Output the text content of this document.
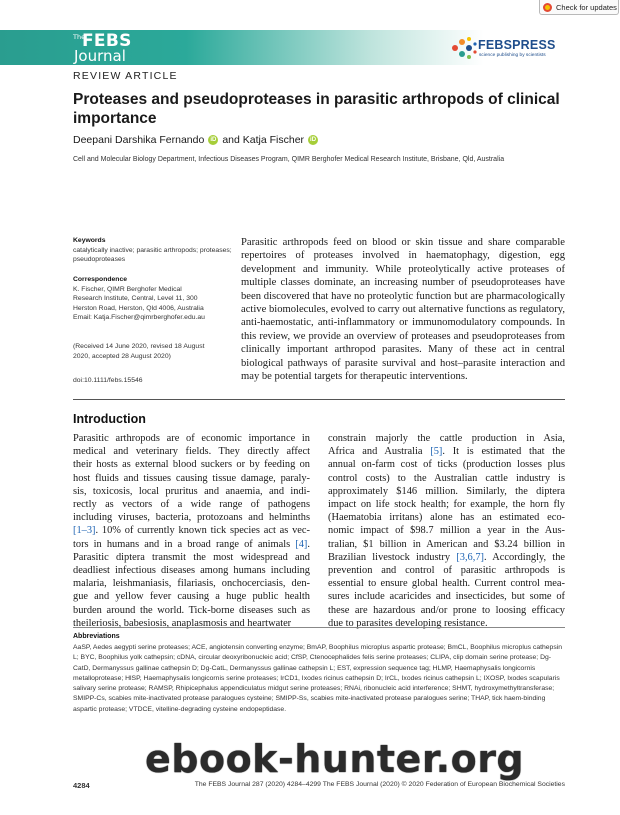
Check for updates
The
FEBS
Journal
FEBSPRESS
science publishing by scientists
REVIEW ARTICLE
Proteases and pseudoproteases in parasitic arthropods of clinical importance
Deepani Darshika Fernando	iD and Katja Fischer	iD
Cell and Molecular Biology Department, Infectious Diseases Program, QIMR Berghofer Medical Research Institute, Brisbane, Qld, Australia
Keywords
catalytically inactive; parasitic arthropods; proteases; pseudoproteases
Correspondence
K. Fischer, QIMR Berghofer Medical
Research Institute, Central, Level 11, 300
Herston Road, Herston, Qld 4006, Australia
Email: Katja.Fischer@qimrberghofer.edu.au
(Received 14 June 2020, revised 18 August
2020, accepted 28 August 2020)
doi:10.1111/febs.15546
Parasitic arthropods feed on blood or skin tissue and share comparable repertoires of proteases involved in haematophagy, digestion, egg development and immunity. While proteolytically active proteases of multiple classes dominate, an increasing number of pseudoproteases have been discovered that have no proteolytic function but are pharmacologically active biomolecules, evolved to carry out alternative functions as regulatory, anti-haemostatic, anti-inflammatory or immunomodulatory compounds. In this review, we provide an overview of proteases and pseudoproteases from clinically important arthropod parasites. Many of these act in central biological pathways of parasite survival and host–parasite interaction and may be potential targets for therapeutic interventions.
Introduction
Parasitic arthropods are of economic importance in
medical and veterinary fields. They directly affect
their hosts as external blood suckers or by feeding on
host fluids and tissues causing tissue damage, paraly-
sis, toxicosis, local pruritus and anaemia, and indi-
rectly as vectors of a wide range of pathogens
including viruses, bacteria, protozoans and helminths
[1–3]. 10% of currently known tick species act as vec-
tors in humans and in a broad range of animals [4].
Parasitic diptera transmit the most widespread and
deadliest infectious diseases among humans including
malaria, leishmaniasis, filariasis, onchocerciasis, den-
gue and yellow fever causing a huge public health
burden around the world. Tick-borne diseases such as
theileriosis, babesiosis, anaplasmosis and heartwater
constrain majorly the cattle production in Asia,
Africa and Australia [5]. It is estimated that the
annual on-farm cost of ticks (production losses plus
control costs) to the Australian cattle industry is
approximately $146 million. Similarly, the diptera
impact on life stock health; for example, the horn fly
(Haematobia irritans) alone has an estimated eco-
nomic impact of $98.7 million a year in the Aus-
tralian, $1 billion in American and $3.24 billion in
Brazilian livestock industry [3,6,7]. Accordingly, the
prevention and control of parasitic arthropods is
essential to ensure global health. Current control mea-
sures include acaricides and insecticides, but some of
these are hazardous and/or prone to loosing efficacy
due to parasites developing resistance.
Abbreviations
AaSP, Aedes aegypti serine proteases; ACE, angiotensin converting enzyme; BmAP, Boophilus microplus aspartic protease; BmCL, Boophilus microplus cathepsin L; BYC, Boophilus yolk cathepsin; cDNA, circular deoxyribonucleic acid; CfSP, Ctenocephalides felis serine proteases; CLIPA, clip domain serine protease; Dg-CatD, Dermanyssus gallinae cathepsin D; Dg-CatL, Dermanyssus gallinae cathepsin L; EST, expression sequence tag; HLMP, Haemaphysalis longicornis metalloprotease; HlSP, Haemaphysalis longicornis serine proteases; IrCD1, Ixodes ricinus cathepsin D; IrCL, Ixodes ricinus cathepsin L; IXOSP, Ixodes scapularis salivary serine protease; RAMSP, Rhipicephalus appendiculatus midgut serine proteases; RNAi, ribonucleic acid interference; SHMT, hydroxymethyltransferase; SMIPP-Cs, scabies mite-inactivated protease paralogues cysteine; SMIPP-Ss, scabies mite-inactivated protease paralogues serine; THAP, tick haem-binding aspartic protease; VTDCE, vitelline-degrading cysteine endopeptidase.
4284	The FEBS Journal 287 (2020) 4284–4299 The FEBS Journal (2020) © 2020 Federation of European Biochemical Societies
ebook-hunter.org
